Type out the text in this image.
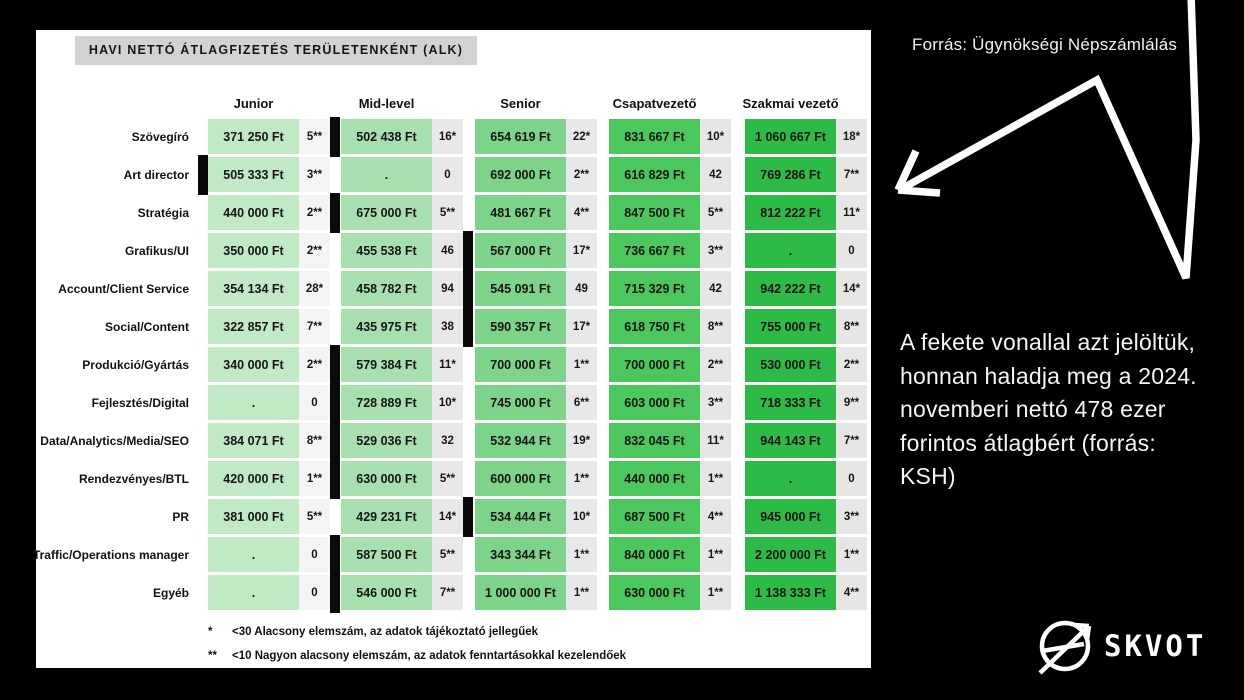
HAVI NETTÓ ÁTLAGFIZETÉS TERÜLETENKÉNT (ALK)
Junior	Mid-level	Senior	Csapatvezető	Szakmai vezető
Szövegíró	371 250 Ft	5**	502 438 Ft	16*	654 619 Ft	22*	831 667 Ft	10*	1 060 667 Ft	18*
Art director	505 333 Ft	3**	.	0	692 000 Ft	2**	616 829 Ft	42	769 286 Ft	7**
Stratégia	440 000 Ft	2**	675 000 Ft	5**	481 667 Ft	4**	847 500 Ft	5**	812 222 Ft	11*
Grafikus/UI	350 000 Ft	2**	455 538 Ft	46	567 000 Ft	17*	736 667 Ft	3**	.	0
Account/Client Service	354 134 Ft	28*	458 782 Ft	94	545 091 Ft	49	715 329 Ft	42	942 222 Ft	14*
Social/Content	322 857 Ft	7**	435 975 Ft	38	590 357 Ft	17*	618 750 Ft	8**	755 000 Ft	8**
Produkció/Gyártás	340 000 Ft	2**	579 384 Ft	11*	700 000 Ft	1**	700 000 Ft	2**	530 000 Ft	2**
Fejlesztés/Digital	.	0	728 889 Ft	10*	745 000 Ft	6**	603 000 Ft	3**	718 333 Ft	9**
Data/Analytics/Media/SEO	384 071 Ft	8**	529 036 Ft	32	532 944 Ft	19*	832 045 Ft	11*	944 143 Ft	7**
Rendezvényes/BTL	420 000 Ft	1**	630 000 Ft	5**	600 000 Ft	1**	440 000 Ft	1**	.	0
PR	381 000 Ft	5**	429 231 Ft	14*	534 444 Ft	10*	687 500 Ft	4**	945 000 Ft	3**
Traffic/Operations manager	.	0	587 500 Ft	5**	343 344 Ft	1**	840 000 Ft	1**	2 200 000 Ft	1**
Egyéb	.	0	546 000 Ft	7**	1 000 000 Ft	1**	630 000 Ft	1**	1 138 333 Ft	4**
*	<30 Alacsony elemszám, az adatok tájékoztató jellegűek
**	<10 Nagyon alacsony elemszám, az adatok fenntartásokkal kezelendőek
Forrás: Ügynökségi Népszámlálás
A fekete vonallal azt jelöltük, honnan haladja meg a 2024. novemberi nettó 478 ezer forintos átlagbért (forrás: KSH)
SKVOT
